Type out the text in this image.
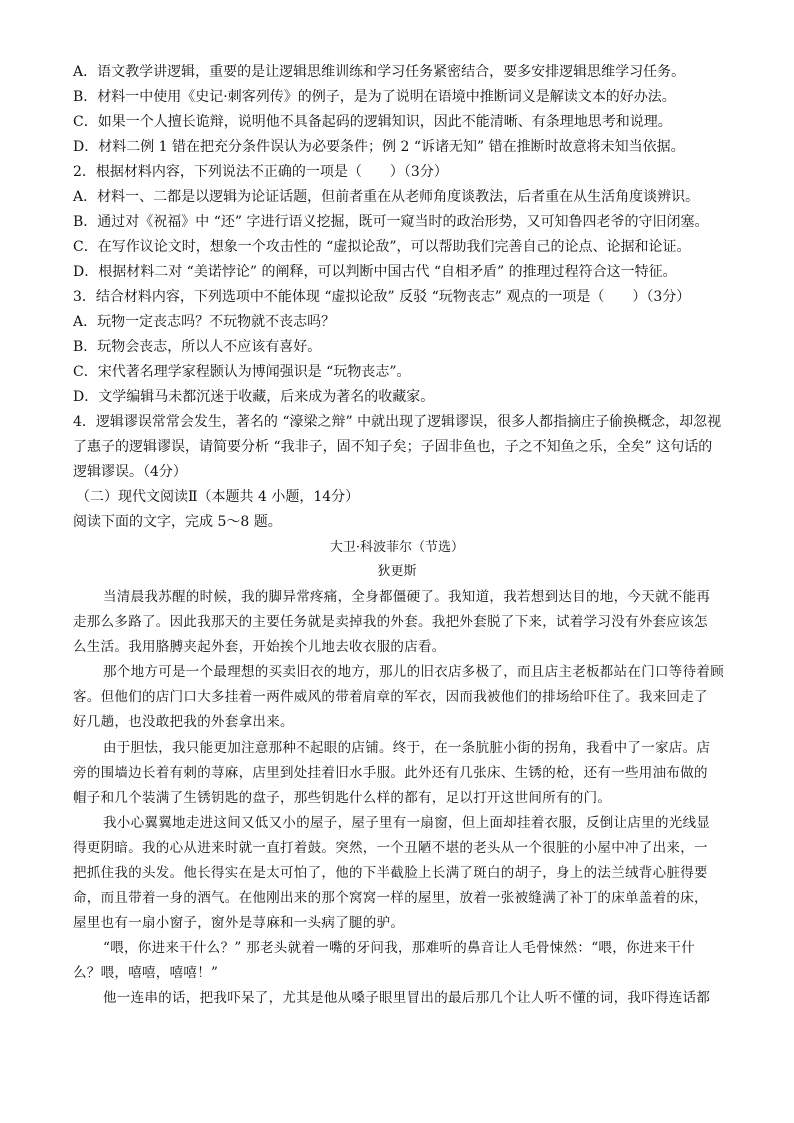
A．语文教学讲逻辑，重要的是让逻辑思维训练和学习任务紧密结合，要多安排逻辑思维学习任务。
B．材料一中使用《史记·刺客列传》的例子，是为了说明在语境中推断词义是解读文本的好办法。
C．如果一个人擅长诡辩，说明他不具备起码的逻辑知识，因此不能清晰、有条理地思考和说理。
D．材料二例 1 错在把充分条件误认为必要条件；例 2 “诉诸无知” 错在推断时故意将未知当依据。
2．根据材料内容，下列说法不正确的一项是（　　）（3分）
A．材料一、二都是以逻辑为论证话题，但前者重在从老师角度谈教法，后者重在从生活角度谈辨识。
B．通过对《祝福》中 “还” 字进行语义挖掘，既可一窥当时的政治形势，又可知鲁四老爷的守旧闭塞。
C．在写作议论文时，想象一个攻击性的 “虚拟论敌”，可以帮助我们完善自己的论点、论据和论证。
D．根据材料二对 “美诺悖论” 的阐释，可以判断中国古代 “自相矛盾” 的推理过程符合这一特征。
3．结合材料内容，下列选项中不能体现 “虚拟论敌” 反驳 “玩物丧志” 观点的一项是（　　）（3分）
A．玩物一定丧志吗？不玩物就不丧志吗？
B．玩物会丧志，所以人不应该有喜好。
C．宋代著名理学家程颢认为博闻强识是 “玩物丧志”。
D．文学编辑马未都沉迷于收藏，后来成为著名的收藏家。
4．逻辑谬误常常会发生，著名的 “濠梁之辩” 中就出现了逻辑谬误，很多人都指摘庄子偷换概念，却忽视
了惠子的逻辑谬误，请简要分析 “我非子，固不知子矣；子固非鱼也，子之不知鱼之乐，全矣” 这句话的
逻辑谬误。（4分）
（二）现代文阅读Ⅱ（本题共 4 小题，14分）
阅读下面的文字，完成 5～8 题。
大卫·科波菲尔（节选）
狄更斯
当清晨我苏醒的时候，我的脚异常疼痛，全身都僵硬了。我知道，我若想到达目的地，今天就不能再
走那么多路了。因此我那天的主要任务就是卖掉我的外套。我把外套脱了下来，试着学习没有外套应该怎
么生活。我用胳膊夹起外套，开始挨个儿地去收衣服的店看。
那个地方可是一个最理想的买卖旧衣的地方，那儿的旧衣店多极了，而且店主老板都站在门口等待着顾
客。但他们的店门口大多挂着一两件威风的带着肩章的军衣，因而我被他们的排场给吓住了。我来回走了
好几趟，也没敢把我的外套拿出来。
由于胆怯，我只能更加注意那种不起眼的店铺。终于，在一条肮脏小街的拐角，我看中了一家店。店
旁的围墙边长着有刺的荨麻，店里到处挂着旧水手服。此外还有几张床、生锈的枪，还有一些用油布做的
帽子和几个装满了生锈钥匙的盘子，那些钥匙什么样的都有，足以打开这世间所有的门。
我小心翼翼地走进这间又低又小的屋子，屋子里有一扇窗，但上面却挂着衣服，反倒让店里的光线显
得更阴暗。我的心从进来时就一直打着鼓。突然，一个丑陋不堪的老头从一个很脏的小屋中冲了出来，一
把抓住我的头发。他长得实在是太可怕了，他的下半截脸上长满了斑白的胡子，身上的法兰绒背心脏得要
命，而且带着一身的酒气。在他刚出来的那个窝窝一样的屋里，放着一张被缝满了补丁的床单盖着的床，
屋里也有一扇小窗子，窗外是荨麻和一头病了腿的驴。
“喂，你进来干什么？” 那老头就着一嘴的牙问我，那难听的鼻音让人毛骨悚然：“喂，你进来干什
么？喂，嘻嘻，嘻嘻！”
他一连串的话，把我吓呆了，尤其是他从嗓子眼里冒出的最后那几个让人听不懂的词，我吓得连话都
